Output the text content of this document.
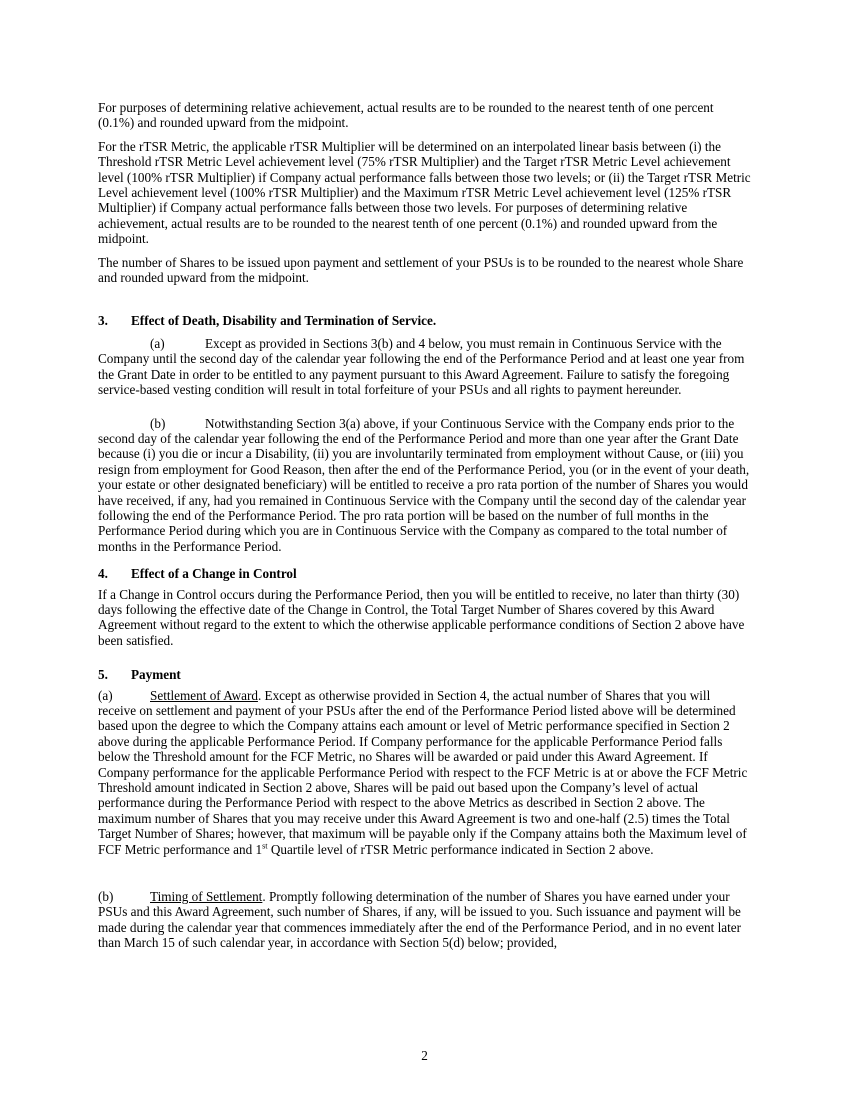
For purposes of determining relative achievement, actual results are to be rounded to the nearest tenth of one percent (0.1%) and rounded upward from the midpoint.

For the rTSR Metric, the applicable rTSR Multiplier will be determined on an interpolated linear basis between (i) the Threshold rTSR Metric Level achievement level (75% rTSR Multiplier) and the Target rTSR Metric Level achievement level (100% rTSR Multiplier) if Company actual performance falls between those two levels; or (ii) the Target rTSR Metric Level achievement level (100% rTSR Multiplier) and the Maximum rTSR Metric Level achievement level (125% rTSR Multiplier) if Company actual performance falls between those two levels. For purposes of determining relative achievement, actual results are to be rounded to the nearest tenth of one percent (0.1%) and rounded upward from the midpoint.

The number of Shares to be issued upon payment and settlement of your PSUs is to be rounded to the nearest whole Share and rounded upward from the midpoint.

3. Effect of Death, Disability and Termination of Service.

(a)	Except as provided in Sections 3(b) and 4 below, you must remain in Continuous Service with the Company until the second day of the calendar year following the end of the Performance Period and at least one year from the Grant Date in order to be entitled to any payment pursuant to this Award Agreement. Failure to satisfy the foregoing service-based vesting condition will result in total forfeiture of your PSUs and all rights to payment hereunder.

(b)	Notwithstanding Section 3(a) above, if your Continuous Service with the Company ends prior to the second day of the calendar year following the end of the Performance Period and more than one year after the Grant Date because (i) you die or incur a Disability, (ii) you are involuntarily terminated from employment without Cause, or (iii) you resign from employment for Good Reason, then after the end of the Performance Period, you (or in the event of your death, your estate or other designated beneficiary) will be entitled to receive a pro rata portion of the number of Shares you would have received, if any, had you remained in Continuous Service with the Company until the second day of the calendar year following the end of the Performance Period. The pro rata portion will be based on the number of full months in the Performance Period during which you are in Continuous Service with the Company as compared to the total number of months in the Performance Period.

4. Effect of a Change in Control

If a Change in Control occurs during the Performance Period, then you will be entitled to receive, no later than thirty (30) days following the effective date of the Change in Control, the Total Target Number of Shares covered by this Award Agreement without regard to the extent to which the otherwise applicable performance conditions of Section 2 above have been satisfied.

5. Payment

(a)	Settlement of Award. Except as otherwise provided in Section 4, the actual number of Shares that you will receive on settlement and payment of your PSUs after the end of the Performance Period listed above will be determined based upon the degree to which the Company attains each amount or level of Metric performance specified in Section 2 above during the applicable Performance Period. If Company performance for the applicable Performance Period falls below the Threshold amount for the FCF Metric, no Shares will be awarded or paid under this Award Agreement. If Company performance for the applicable Performance Period with respect to the FCF Metric is at or above the FCF Metric Threshold amount indicated in Section 2 above, Shares will be paid out based upon the Company’s level of actual performance during the Performance Period with respect to the above Metrics as described in Section 2 above. The maximum number of Shares that you may receive under this Award Agreement is two and one-half (2.5) times the Total Target Number of Shares; however, that maximum will be payable only if the Company attains both the Maximum level of FCF Metric performance and 1st Quartile level of rTSR Metric performance indicated in Section 2 above.

(b)	Timing of Settlement. Promptly following determination of the number of Shares you have earned under your PSUs and this Award Agreement, such number of Shares, if any, will be issued to you. Such issuance and payment will be made during the calendar year that commences immediately after the end of the Performance Period, and in no event later than March 15 of such calendar year, in accordance with Section 5(d) below; provided,

2
